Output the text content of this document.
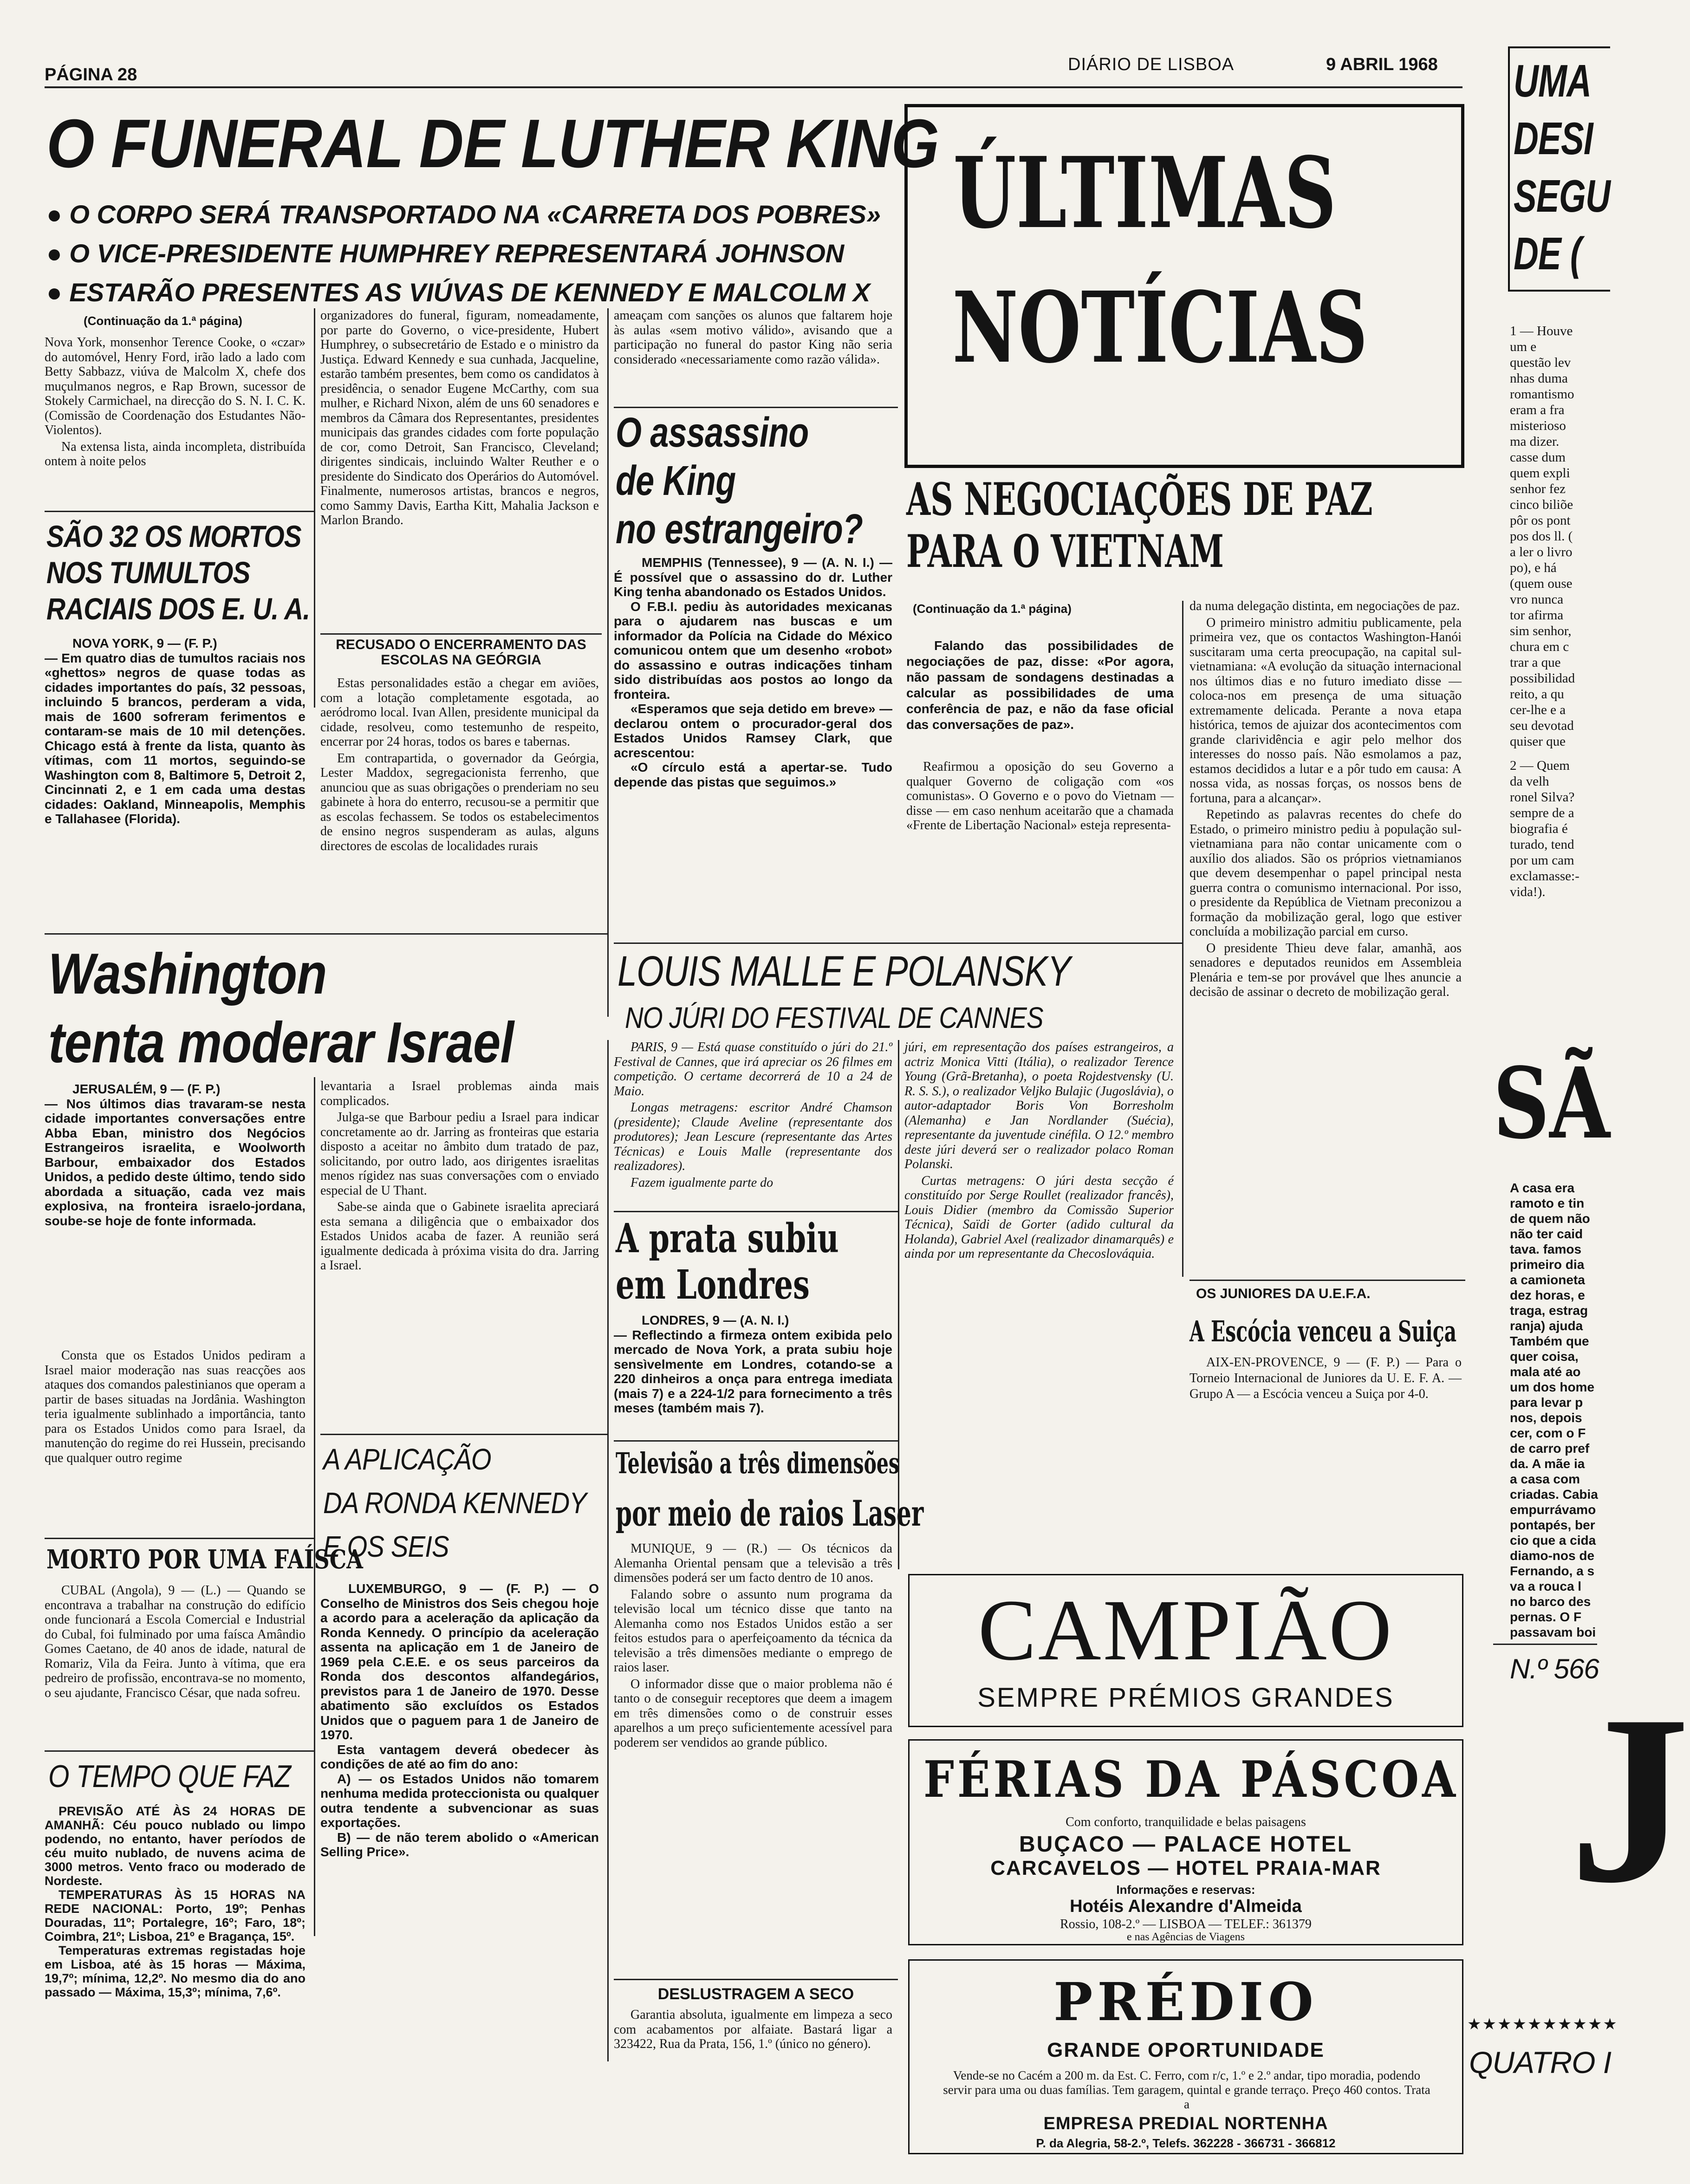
PÁGINA 28
DIÁRIO DE LISBOA	9 ABRIL 1968
O FUNERAL DE LUTHER KING
● O CORPO SERÁ TRANSPORTADO NA «CARRETA DOS POBRES»
● O VICE-PRESIDENTE HUMPHREY REPRESENTARÁ JOHNSON
● ESTARÃO PRESENTES AS VIÚVAS DE KENNEDY E MALCOLM X
(Continuação da 1.ª página)

Nova York, monsenhor Terence Cooke, o «czar» do automóvel, Henry Ford, irão lado a lado com Betty Sabbazz, viúva de Malcolm X, chefe dos muçulmanos negros, e Rap Brown, sucessor de Stokely Carmichael, na direcção do S. N. I. C. K. (Comissão de Coordenação dos Estudantes Não-Violentos).

Na extensa lista, ainda incompleta, distribuída ontem à noite pelos

organizadores do funeral, figuram, nomeadamente, por parte do Governo, o vice-presidente, Hubert Humphrey, o subsecretário de Estado e o ministro da Justiça. Edward Kennedy e sua cunhada, Jacqueline, estarão também presentes, bem como os candidatos à presidência, o senador Eugene McCarthy, com sua mulher, e Richard Nixon, além de uns 60 senadores e membros da Câmara dos Representantes, presidentes municipais das grandes cidades com forte população de cor, como Detroit, San Francisco, Cleveland; dirigentes sindicais, incluindo Walter Reuther e o presidente do Sindicato dos Operários do Automóvel. Finalmente, numerosos artistas, brancos e negros, como Sammy Davis, Eartha Kitt, Mahalia Jackson e Marlon Brando.

ameaçam com sanções os alunos que faltarem hoje às aulas «sem motivo válido», avisando que a participação no funeral do pastor King não seria considerado «necessariamente como razão válida».

SÃO 32 OS MORTOS
NOS TUMULTOS
RACIAIS DOS E. U. A.
NOVA YORK, 9 — (F. P.)
— Em quatro dias de tumultos raciais nos «ghettos» negros de quase todas as cidades importantes do país, 32 pessoas, incluindo 5 brancos, perderam a vida, mais de 1600 sofreram ferimentos e contaram-se mais de 10 mil detenções. Chicago está à frente da lista, quanto às vítimas, com 11 mortos, seguindo-se Washington com 8, Baltimore 5, Detroit 2, Cincinnati 2, e 1 em cada uma destas cidades: Oakland, Minneapolis, Memphis e Tallahasee (Florida).
RECUSADO O ENCERRAMENTO DAS ESCOLAS NA GEÓRGIA

Estas personalidades estão a chegar em aviões, com a lotação completamente esgotada, ao aeródromo local. Ivan Allen, presidente municipal da cidade, resolveu, como testemunho de respeito, encerrar por 24 horas, todos os bares e tabernas.

Em contrapartida, o governador da Geórgia, Lester Maddox, segregacionista ferrenho, que anunciou que as suas obrigações o prenderiam no seu gabinete à hora do enterro, recusou-se a permitir que as escolas fechassem. Se todos os estabelecimentos de ensino negros suspenderam as aulas, alguns directores de escolas de localidades rurais

O assassino
de King
no estrangeiro?
MEMPHIS (Tennessee), 9 — (A. N. I.) — É possível que o assassino do dr. Luther King tenha abandonado os Estados Unidos.
O F.B.I. pediu às autoridades mexicanas para o ajudarem nas buscas e um informador da Polícia na Cidade do México comunicou ontem que um desenho «robot» do assassino e outras indicações tinham sido distribuídas aos postos ao longo da fronteira.
«Esperamos que seja detido em breve» — declarou ontem o procurador-geral dos Estados Unidos Ramsey Clark, que acrescentou:
«O círculo está a apertar-se. Tudo depende das pistas que seguimos.»
ÚLTIMAS
NOTÍCIAS
AS NEGOCIAÇÕES DE PAZ
PARA O VIETNAM
(Continuação da 1.ª página)
Falando das possibilidades de negociações de paz, disse: «Por agora, não passam de sondagens destinadas a calcular as possibilidades de uma conferência de paz, e não da fase oficial das conversações de paz».

Reafirmou a oposição do seu Governo a qualquer Governo de coligação com «os comunistas». O Governo e o povo do Vietnam — disse — em caso nenhum aceitarão que a chamada «Frente de Libertação Nacional» esteja representa-

da numa delegação distinta, em negociações de paz.

O primeiro ministro admitiu publicamente, pela primeira vez, que os contactos Washington-Hanói suscitaram uma certa preocupação, na capital sul-vietnamiana: «A evolução da situação internacional nos últimos dias e no futuro imediato disse — coloca-nos em presença de uma situação extremamente delicada. Perante a nova etapa histórica, temos de ajuizar dos acontecimentos com grande clarividência e agir pelo melhor dos interesses do nosso país. Não esmolamos a paz, estamos decididos a lutar e a pôr tudo em causa: A nossa vida, as nossas forças, os nossos bens de fortuna, para a alcançar».

Repetindo as palavras recentes do chefe do Estado, o primeiro ministro pediu à população sul-vietnamiana para não contar unicamente com o auxílio dos aliados. São os próprios vietnamianos que devem desempenhar o papel principal nesta guerra contra o comunismo internacional. Por isso, o presidente da República de Vietnam preconizou a formação da mobilização geral, logo que estiver concluída a mobilização parcial em curso.

O presidente Thieu deve falar, amanhã, aos senadores e deputados reunidos em Assembleia Plenária e tem-se por provável que lhes anuncie a decisão de assinar o decreto de mobilização geral.

Washington
tenta moderar Israel
JERUSALÉM, 9 — (F. P.)
— Nos últimos dias travaram-se nesta cidade importantes conversações entre Abba Eban, ministro dos Negócios Estrangeiros israelita, e Woolworth Barbour, embaixador dos Estados Unidos, a pedido deste último, tendo sido abordada a situação, cada vez mais explosiva, na fronteira israelo-jordana, soube-se hoje de fonte informada.

Consta que os Estados Unidos pediram a Israel maior moderação nas suas reacções aos ataques dos comandos palestinianos que operam a partir de bases situadas na Jordânia. Washington teria igualmente sublinhado a importância, tanto para os Estados Unidos como para Israel, da manutenção do regime do rei Hussein, precisando que qualquer outro regime

levantaria a Israel problemas ainda mais complicados.

Julga-se que Barbour pediu a Israel para indicar concretamente ao dr. Jarring as fronteiras que estaria disposto a aceitar no âmbito dum tratado de paz, solicitando, por outro lado, aos dirigentes israelitas menos rígidez nas suas conversações com o enviado especial de U Thant.

Sabe-se ainda que o Gabinete israelita apreciará esta semana a diligência que o embaixador dos Estados Unidos acaba de fazer. A reunião será igualmente dedicada à próxima visita do dra. Jarring a Israel.

MORTO POR UMA FAÍSCA

CUBAL (Angola), 9 — (L.) — Quando se encontrava a trabalhar na construção do edifício onde funcionará a Escola Comercial e Industrial do Cubal, foi fulminado por uma faísca Amândio Gomes Caetano, de 40 anos de idade, natural de Romariz, Vila da Feira. Junto à vítima, que era pedreiro de profissão, encontrava-se no momento, o seu ajudante, Francisco César, que nada sofreu.

O TEMPO QUE FAZ
PREVISÃO ATÉ ÀS 24 HORAS DE AMANHÃ: Céu pouco nublado ou limpo podendo, no entanto, haver períodos de céu muito nublado, de nuvens acima de 3000 metros. Vento fraco ou moderado de Nordeste.
TEMPERATURAS ÀS 15 HORAS NA REDE NACIONAL: Porto, 19º; Penhas Douradas, 11º; Portalegre, 16º; Faro, 18º; Coimbra, 21º; Lisboa, 21º e Bragança, 15º.
Temperaturas extremas registadas hoje em Lisboa, até às 15 horas — Máxima, 19,7º; mínima, 12,2º. No mesmo dia do ano passado — Máxima, 15,3º; mínima, 7,6º.
A APLICAÇÃO
DA RONDA KENNEDY
E OS SEIS
LUXEMBURGO, 9 — (F. P.) — O Conselho de Ministros dos Seis chegou hoje a acordo para a aceleração da aplicação da Ronda Kennedy. O princípio da aceleração assenta na aplicação em 1 de Janeiro de 1969 pela C.E.E. e os seus parceiros da Ronda dos descontos alfandegários, previstos para 1 de Janeiro de 1970. Desse abatimento são excluídos os Estados Unidos que o paguem para 1 de Janeiro de 1970.
Esta vantagem deverá obedecer às condições de até ao fim do ano:
A) — os Estados Unidos não tomarem nenhuma medida proteccionista ou qualquer outra tendente a subvencionar as suas exportações.
B) — de não terem abolido o «American Selling Price».
LOUIS MALLE E POLANSKY
NO JÚRI DO FESTIVAL DE CANNES

PARIS, 9 — Está quase constituído o júri do 21.º Festival de Cannes, que irá apreciar os 26 filmes em competição. O certame decorrerá de 10 a 24 de Maio.

Longas metragens: escritor André Chamson (presidente); Claude Aveline (representante dos produtores); Jean Lescure (representante das Artes Técnicas) e Louis Malle (representante dos realizadores).

Fazem igualmente parte do

júri, em representação dos países estrangeiros, a actriz Monica Vitti (Itália), o realizador Terence Young (Grã-Bretanha), o poeta Rojdestvensky (U. R. S. S.), o realizador Veljko Bulajic (Jugoslávia), o autor-adaptador Boris Von Borresholm (Alemanha) e Jan Nordlander (Suécia), representante da juventude cinéfila. O 12.º membro deste júri deverá ser o realizador polaco Roman Polanski.

Curtas metragens: O júri desta secção é constituído por Serge Roullet (realizador francês), Louis Didier (membro da Comissão Superior Técnica), Saïdi de Gorter (adido cultural da Holanda), Gabriel Axel (realizador dinamarquês) e ainda por um representante da Checoslováquia.

A prata subiu
em Londres
LONDRES, 9 — (A. N. I.)
— Reflectindo a firmeza ontem exibida pelo mercado de Nova York, a prata subiu hoje sensìvelmente em Londres, cotando-se a 220 dinheiros a onça para entrega imediata (mais 7) e a 224-1/2 para fornecimento a três meses (também mais 7).
Televisão a três dimensões
por meio de raios Laser

MUNIQUE, 9 — (R.) — Os técnicos da Alemanha Oriental pensam que a televisão a três dimensões poderá ser um facto dentro de 10 anos.

Falando sobre o assunto num programa da televisão local um técnico disse que tanto na Alemanha como nos Estados Unidos estão a ser feitos estudos para o aperfeiçoamento da técnica da televisão a três dimensões mediante o emprego de raios laser.

O informador disse que o maior problema não é tanto o de conseguir receptores que deem a imagem em três dimensões como o de construir esses aparelhos a um preço suficientemente acessível para poderem ser vendidos ao grande público.

DESLUSTRAGEM A SECO

Garantia absoluta, igualmente em limpeza a seco com acabamentos por alfaiate. Bastará ligar a 323422, Rua da Prata, 156, 1.º (único no género).

OS JUNIORES DA U.E.F.A.
A Escócia venceu a Suiça

AIX-EN-PROVENCE, 9 — (F. P.) — Para o Torneio Internacional de Juniores da U. E. F. A. — Grupo A — a Escócia venceu a Suiça por 4-0.

CAMPIÃO
SEMPRE PRÉMIOS GRANDES
FÉRIAS DA PÁSCOA
Com conforto, tranquilidade e belas paisagens
BUÇACO — PALACE HOTEL
CARCAVELOS — HOTEL PRAIA-MAR
Informações e reservas:
Hotéis Alexandre d'Almeida
Rossio, 108-2.º — LISBOA — TELEF.: 361379
e nas Agências de Viagens
PRÉDIO
GRANDE OPORTUNIDADE
Vende-se no Cacém a 200 m. da Est. C. Ferro, com r/c, 1.º e 2.º andar, tipo moradia, podendo servir para uma ou duas famílias. Tem garagem, quintal e grande terraço. Preço 460 contos. Trata a
EMPRESA PREDIAL NORTENHA
P. da Alegria, 58-2.º, Telefs. 362228 - 366731 - 366812
UMA
DESI
SEGU
DE (
1 — Houve
um e
questão lev
nhas duma
romantismo
eram a fra
misterioso
ma dizer.
casse dum
quem expli
senhor fez
cinco biliõe
pôr os pont
pos dos ll. (
a ler o livro
po), e há
(quem ouse
vro nunca
tor afirma
sim senhor,
chura em c
trar a que
possibilidad
reito, a qu
cer-lhe e a
seu devotad
quiser que
2 — Quem
da velh
ronel Silva?
sempre de a
biografia é
turado, tend
por um cam
exclamasse:-
vida!).
SÃ
A casa era
ramoto e tin
de quem não
não ter caid
tava. famos
primeiro dia
a camioneta
dez horas, e
traga, estrag
ranja) ajuda
Também que
quer coisa,
mala até ao
um dos home
para levar p
nos, depois
cer, com o F
de carro pref
da. A mãe ia
a casa com
criadas. Cabia
empurrávamo
pontapés, ber
cio que a cida
diamo-nos de
Fernando, a s
va a rouca l
no barco des
pernas. O F
passavam boi
N.º 566
J
★★★★★★★★★★
QUATRO I
